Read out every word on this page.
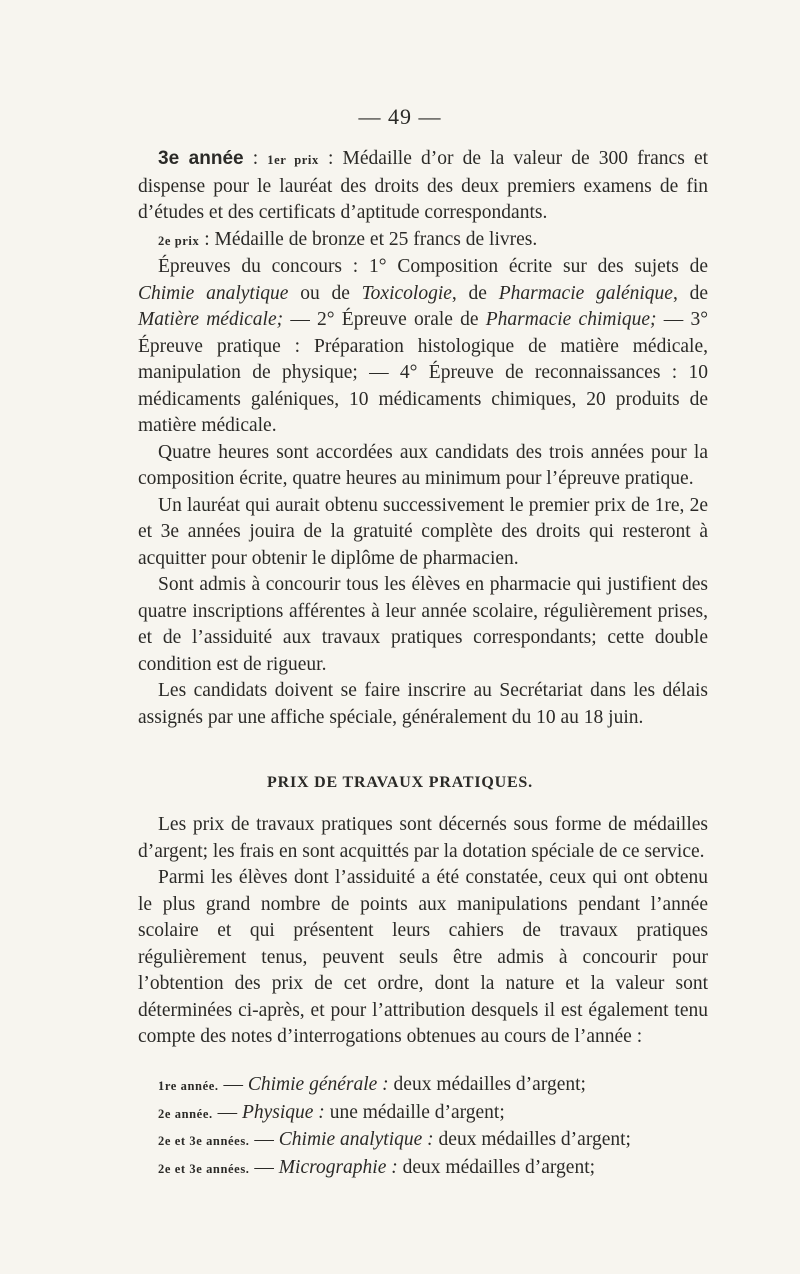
— 49 —

3e année : 1er prix : Médaille d’or de la valeur de 300 francs et dispense pour le lauréat des droits des deux premiers examens de fin d’études et des certificats d’aptitude correspondants.

2e prix : Médaille de bronze et 25 francs de livres.

Épreuves du concours : 1° Composition écrite sur des sujets de Chimie analytique ou de Toxicologie, de Pharmacie galénique, de Matière médicale; — 2° Épreuve orale de Pharmacie chimique; — 3° Épreuve pratique : Préparation histologique de matière médicale, manipulation de physique; — 4° Épreuve de reconnaissances : 10 médicaments galéniques, 10 médicaments chimiques, 20 produits de matière médicale.

Quatre heures sont accordées aux candidats des trois années pour la composition écrite, quatre heures au minimum pour l’épreuve pratique.

Un lauréat qui aurait obtenu successivement le premier prix de 1re, 2e et 3e années jouira de la gratuité complète des droits qui resteront à acquitter pour obtenir le diplôme de pharmacien.

Sont admis à concourir tous les élèves en pharmacie qui justifient des quatre inscriptions afférentes à leur année scolaire, régulièrement prises, et de l’assiduité aux travaux pratiques correspondants; cette double condition est de rigueur.

Les candidats doivent se faire inscrire au Secrétariat dans les délais assignés par une affiche spéciale, généralement du 10 au 18 juin.

PRIX DE TRAVAUX PRATIQUES.

Les prix de travaux pratiques sont décernés sous forme de médailles d’argent; les frais en sont acquittés par la dotation spéciale de ce service.

Parmi les élèves dont l’assiduité a été constatée, ceux qui ont obtenu le plus grand nombre de points aux manipulations pendant l’année scolaire et qui présentent leurs cahiers de travaux pratiques régulièrement tenus, peuvent seuls être admis à concourir pour l’obtention des prix de cet ordre, dont la nature et la valeur sont déterminées ci-après, et pour l’attribution desquels il est également tenu compte des notes d’interrogations obtenues au cours de l’année :

1re année. — Chimie générale : deux médailles d’argent;
2e année. — Physique : une médaille d’argent;
2e et 3e années. — Chimie analytique : deux médailles d’argent;
2e et 3e années. — Micrographie : deux médailles d’argent;
